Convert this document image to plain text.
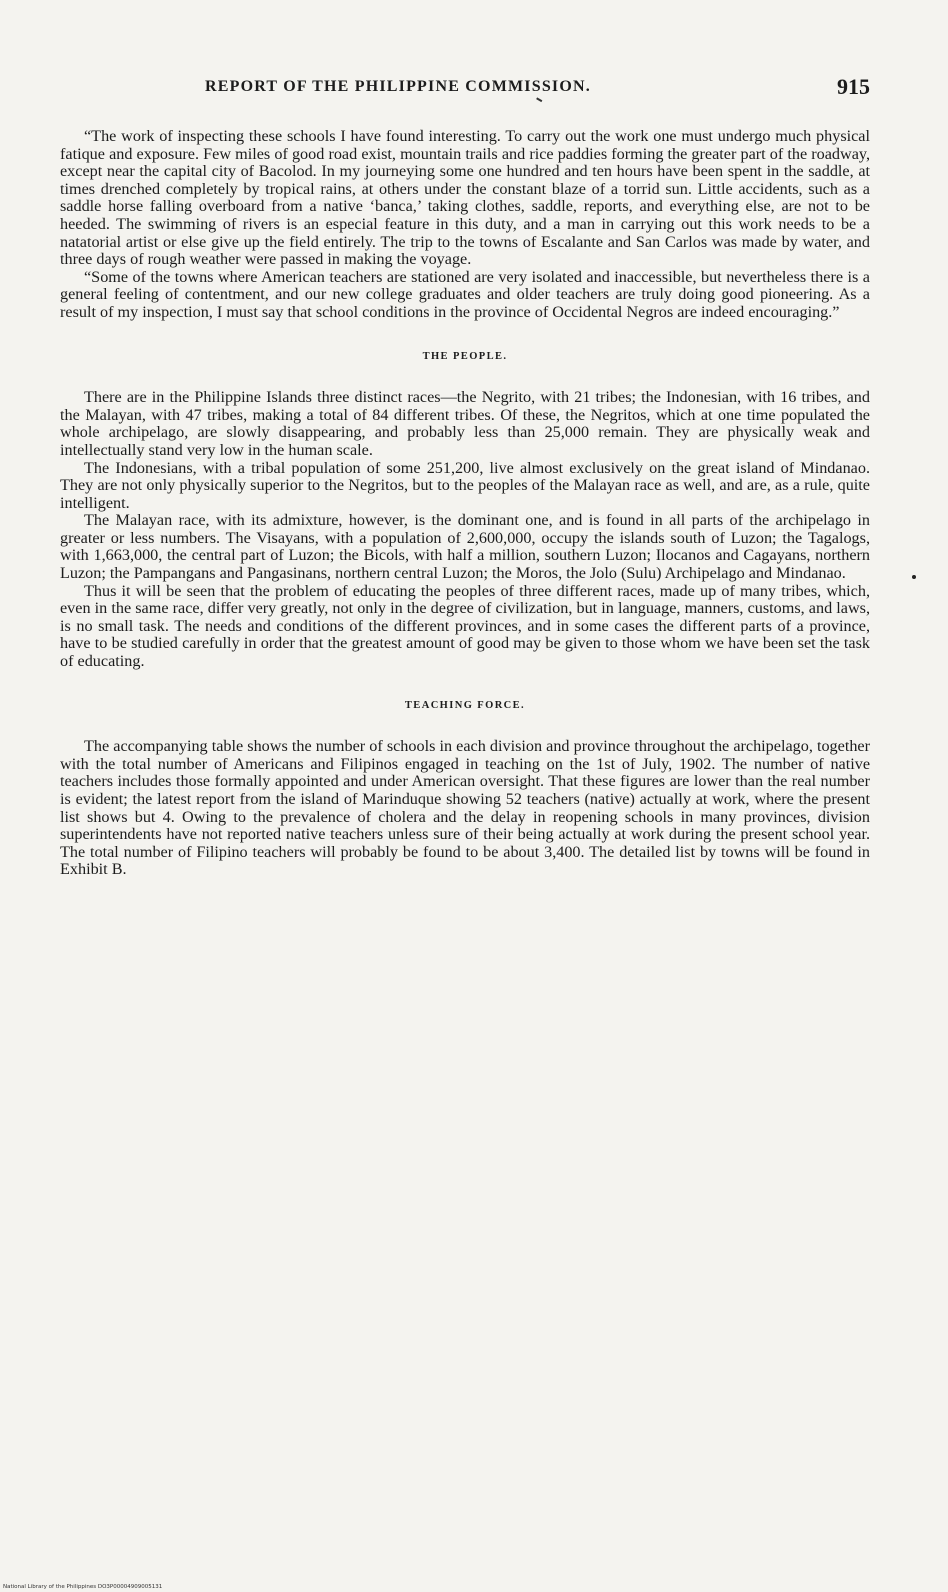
REPORT OF THE PHILIPPINE COMMISSION.	915

“The work of inspecting these schools I have found interesting. To carry out the work one must undergo much physical fatique and exposure. Few miles of good road exist, mountain trails and rice paddies forming the greater part of the roadway, except near the capital city of Bacolod. In my journeying some one hundred and ten hours have been spent in the saddle, at times drenched completely by tropical rains, at others under the constant blaze of a torrid sun. Little accidents, such as a saddle horse falling overboard from a native ‘banca,’ taking clothes, saddle, reports, and everything else, are not to be heeded. The swimming of rivers is an especial feature in this duty, and a man in carrying out this work needs to be a natatorial artist or else give up the field entirely. The trip to the towns of Escalante and San Carlos was made by water, and three days of rough weather were passed in making the voyage.

“Some of the towns where American teachers are stationed are very isolated and inaccessible, but nevertheless there is a general feeling of contentment, and our new college graduates and older teachers are truly doing good pioneering. As a result of my inspection, I must say that school conditions in the province of Occidental Negros are indeed encouraging.”

THE PEOPLE.

There are in the Philippine Islands three distinct races—the Negrito, with 21 tribes; the Indonesian, with 16 tribes, and the Malayan, with 47 tribes, making a total of 84 different tribes. Of these, the Negritos, which at one time populated the whole archipelago, are slowly disappearing, and probably less than 25,000 remain. They are physically weak and intellectually stand very low in the human scale.

The Indonesians, with a tribal population of some 251,200, live almost exclusively on the great island of Mindanao. They are not only physically superior to the Negritos, but to the peoples of the Malayan race as well, and are, as a rule, quite intelligent.

The Malayan race, with its admixture, however, is the dominant one, and is found in all parts of the archipelago in greater or less numbers. The Visayans, with a population of 2,600,000, occupy the islands south of Luzon; the Tagalogs, with 1,663,000, the central part of Luzon; the Bicols, with half a million, southern Luzon; Ilocanos and Cagayans, northern Luzon; the Pampangans and Pangasinans, northern central Luzon; the Moros, the Jolo (Sulu) Archipelago and Mindanao.

Thus it will be seen that the problem of educating the peoples of three different races, made up of many tribes, which, even in the same race, differ very greatly, not only in the degree of civilization, but in language, manners, customs, and laws, is no small task. The needs and conditions of the different provinces, and in some cases the different parts of a province, have to be studied carefully in order that the greatest amount of good may be given to those whom we have been set the task of educating.

TEACHING FORCE.

The accompanying table shows the number of schools in each division and province throughout the archipelago, together with the total number of Americans and Filipinos engaged in teaching on the 1st of July, 1902. The number of native teachers includes those formally appointed and under American oversight. That these figures are lower than the real number is evident; the latest report from the island of Marinduque showing 52 teachers (native) actually at work, where the present list shows but 4. Owing to the prevalence of cholera and the delay in reopening schools in many provinces, division superintendents have not reported native teachers unless sure of their being actually at work during the present school year. The total number of Filipino teachers will probably be found to be about 3,400. The detailed list by towns will be found in Exhibit B.

National Library of the Philippines DO3P00004909005131
